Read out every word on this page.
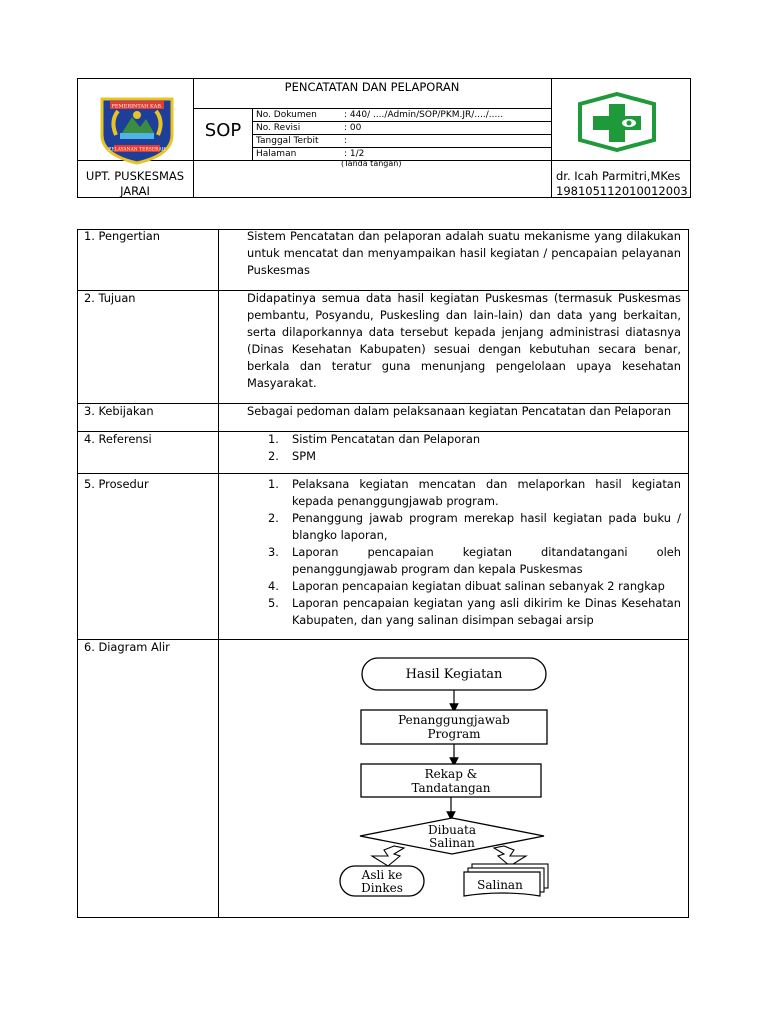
PEMERINTAH KAB.
PELAYANAN TERSERAH
PENCATATAN DAN PELAPORAN
SOP
No. Dokumen	: 440/ ..../Admin/SOP/PKM.JR/..../.....
No. Revisi	: 00
Tanggal Terbit	:
Halaman	: 1/2
(Tanda tangan)
UPT. PUSKESMAS
JARAI
dr. Icah Parmitri,MKes
198105112010012003
1. Pengertian	Sistem Pencatatan dan pelaporan adalah suatu mekanisme yang dilakukan untuk mencatat dan menyampaikan hasil kegiatan / pencapaian pelayanan Puskesmas
2. Tujuan	Didapatinya semua data hasil kegiatan Puskesmas (termasuk Puskesmas pembantu, Posyandu, Puskesling dan lain-lain) dan data yang berkaitan, serta dilaporkannya data tersebut kepada jenjang administrasi diatasnya (Dinas Kesehatan Kabupaten) sesuai dengan kebutuhan secara benar, berkala dan teratur guna menunjang pengelolaan upaya kesehatan Masyarakat.
3. Kebijakan	Sebagai pedoman dalam pelaksanaan kegiatan Pencatatan dan Pelaporan
4. Referensi	1. Sistim Pencatatan dan Pelaporan
2. SPM
5. Prosedur	1. Pelaksana kegiatan mencatan dan melaporkan hasil kegiatan kepada penanggungjawab program.
2. Penanggung jawab program merekap hasil kegiatan pada buku / blangko laporan,
3. Laporan pencapaian kegiatan ditandatangani oleh penanggungjawab program dan kepala Puskesmas
4. Laporan pencapaian kegiatan dibuat salinan sebanyak 2 rangkap
5. Laporan pencapaian kegiatan yang asli dikirim ke Dinas Kesehatan Kabupaten, dan yang salinan disimpan sebagai arsip
6. Diagram Alir
Hasil Kegiatan
Penanggungjawab
Program
Rekap &
Tandatangan
Dibuata
Salinan
Asli ke
Dinkes	Salinan
